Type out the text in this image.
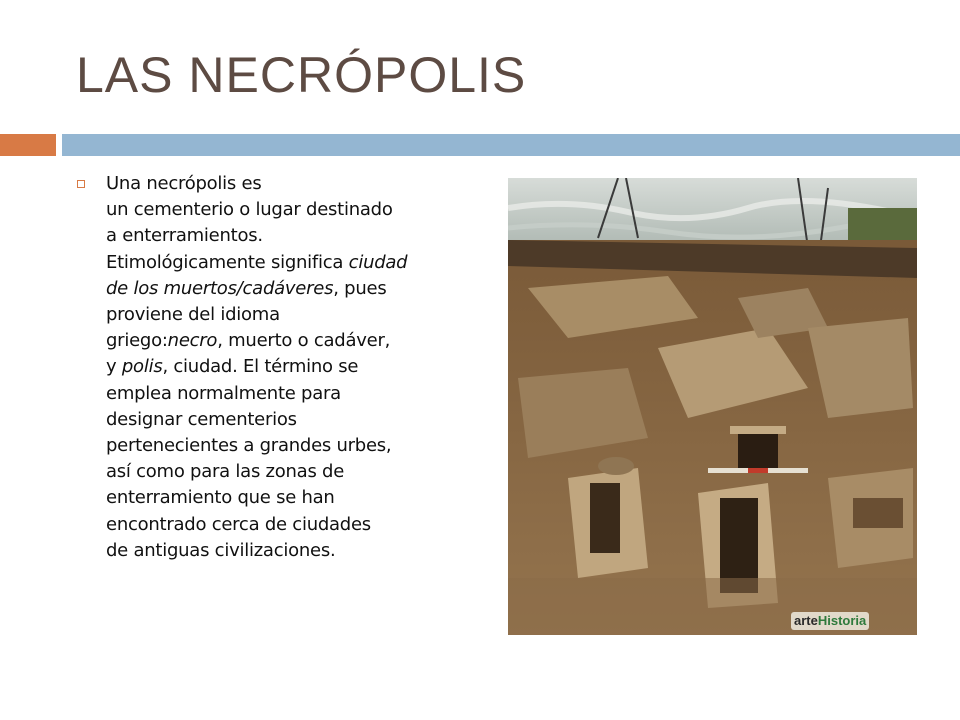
LAS NECRÓPOLIS

Una necrópolis es
un cementerio o lugar destinado
a enterramientos.
Etimológicamente significa ciudad
de los muertos/cadáveres, pues
proviene del idioma
griego:necro, muerto o cadáver,
y polis, ciudad. El término se
emplea normalmente para
designar cementerios
pertenecientes a grandes urbes,
así como para las zonas de
enterramiento que se han
encontrado cerca de ciudades
de antiguas civilizaciones.

arteHistoria
